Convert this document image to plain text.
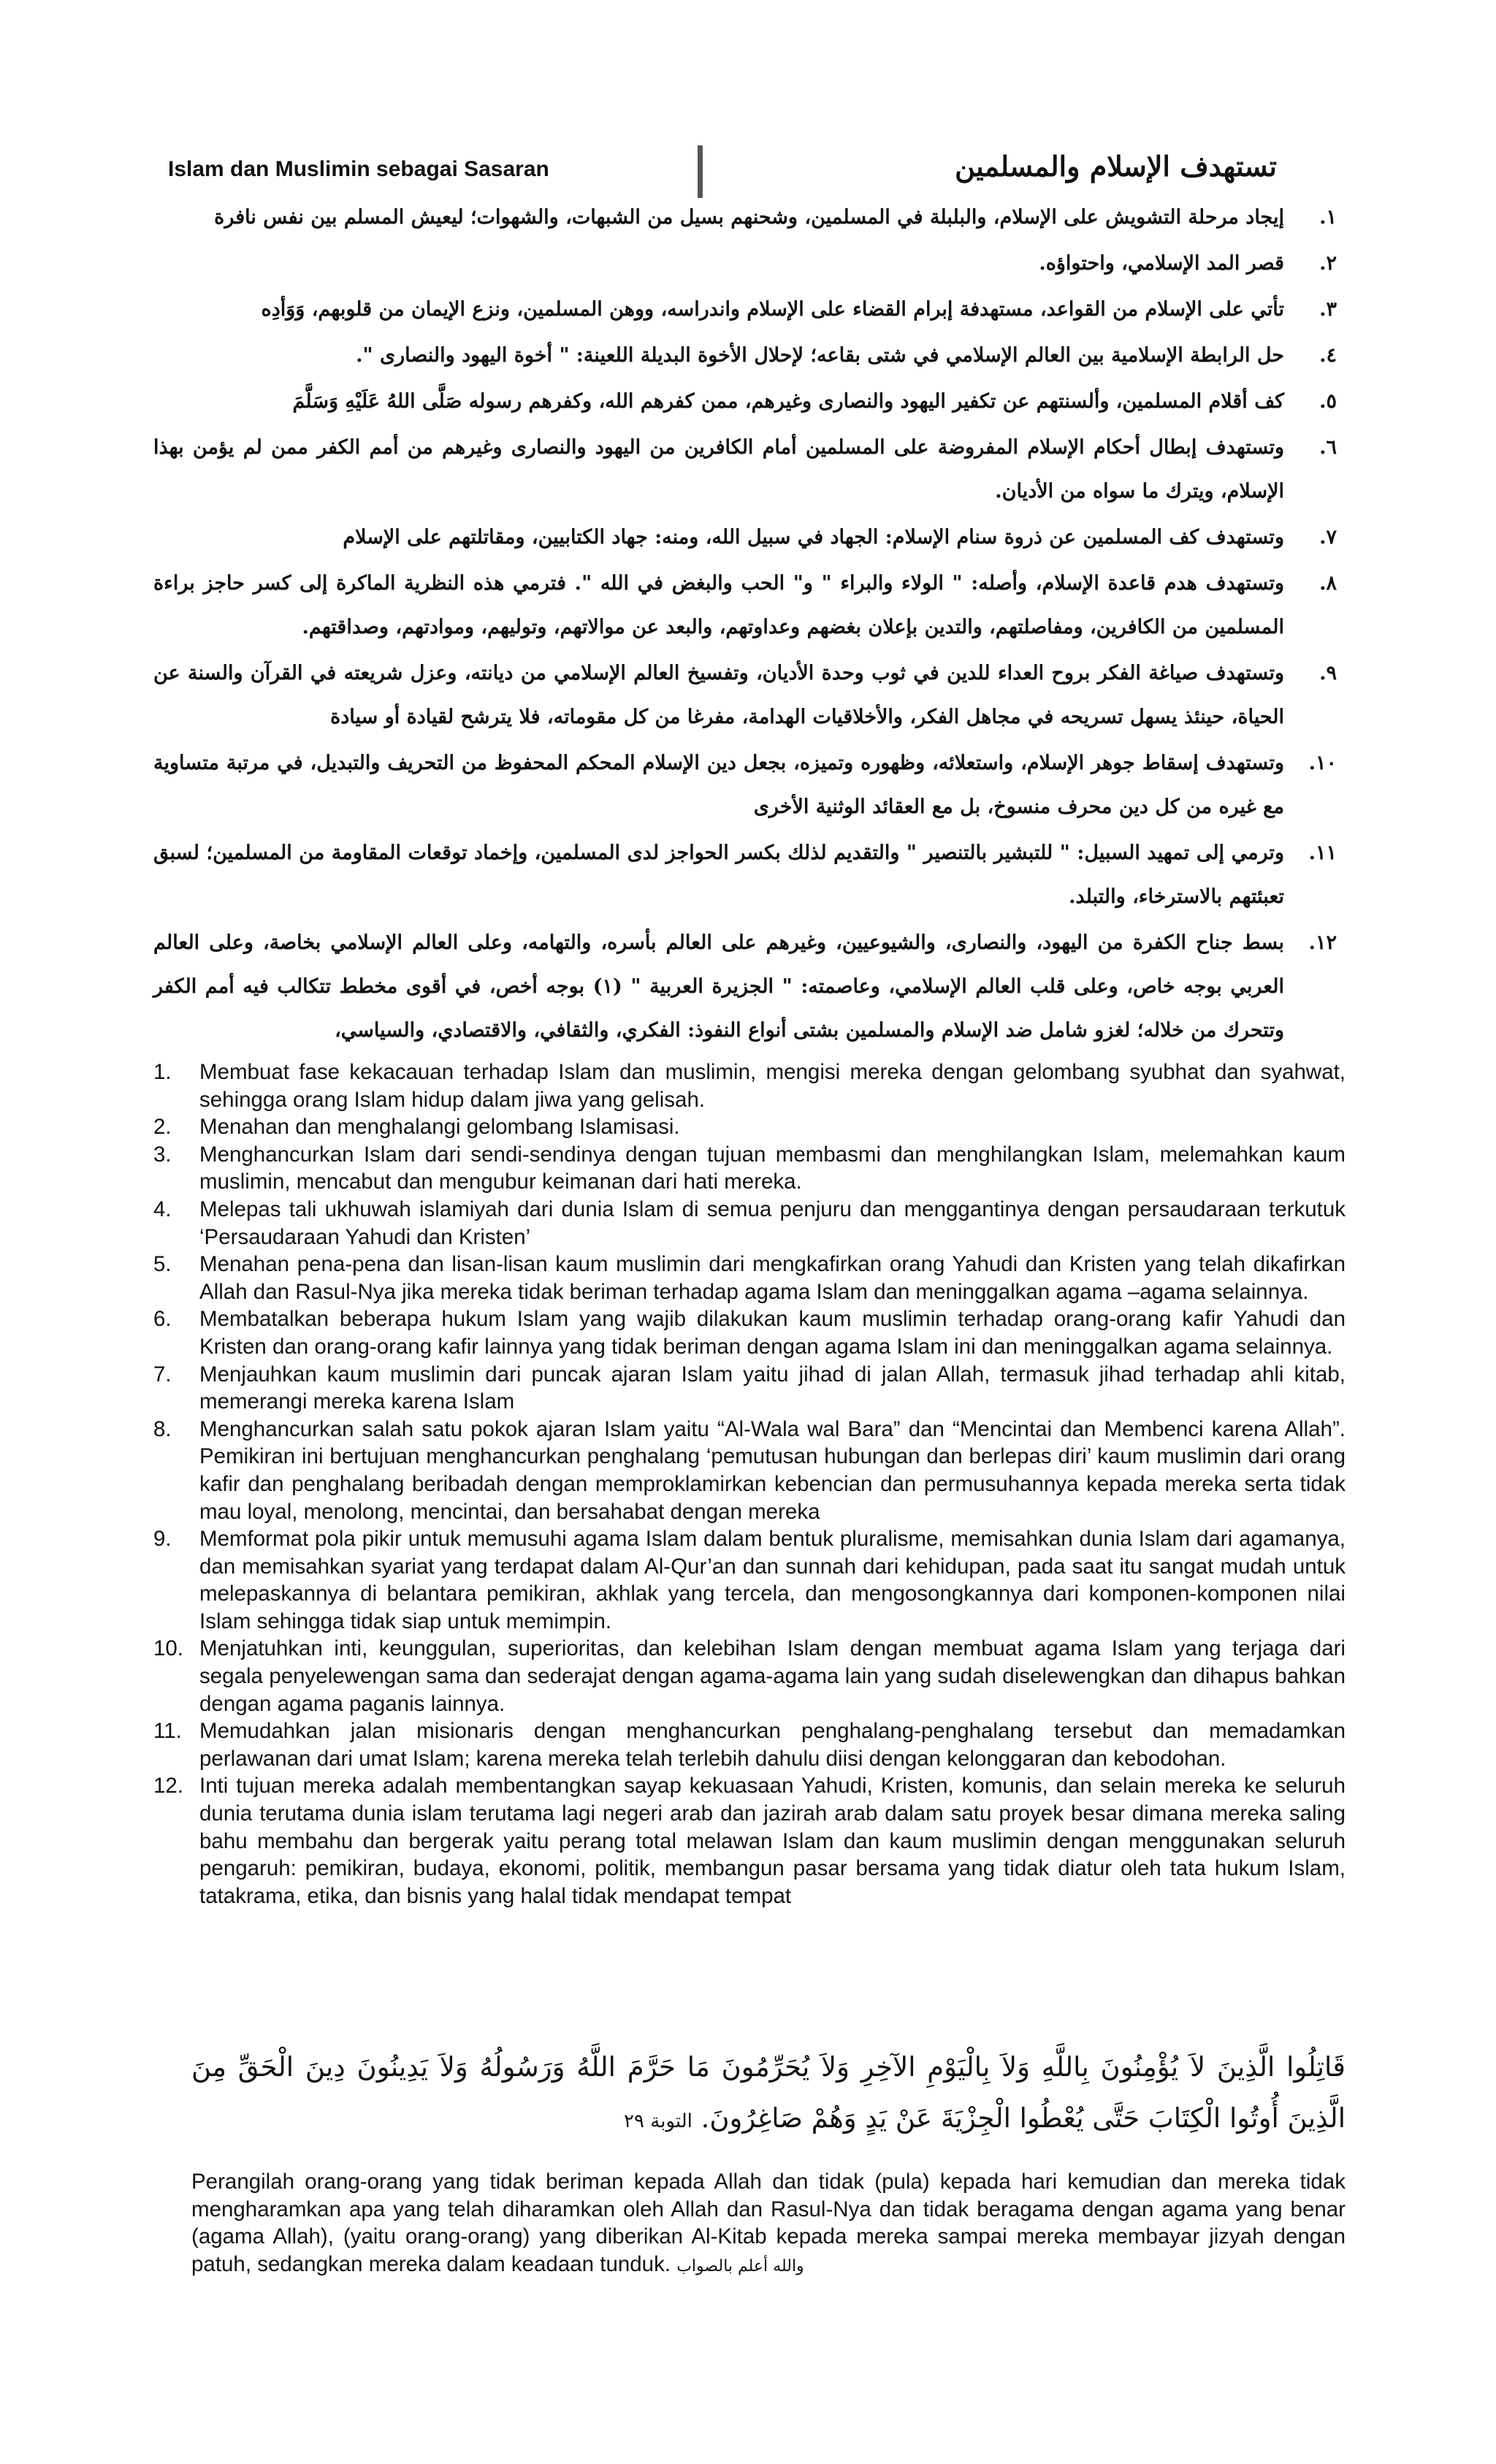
Islam dan Muslimin sebagai Sasaran	تستهدف الإسلام والمسلمين
١.
إيجاد مرحلة التشويش على الإسلام، والبلبلة في المسلمين، وشحنهم بسيل من الشبهات، والشهوات؛ ليعيش المسلم بين نفس نافرة
٢.
قصر المد الإسلامي، واحتواؤه.
٣.
تأتي على الإسلام من القواعد، مستهدفة إبرام القضاء على الإسلام واندراسه، ووهن المسلمين، ونزع الإيمان من قلوبهم، وَوَأدِه
٤.
حل الرابطة الإسلامية بين العالم الإسلامي في شتى بقاعه؛ لإحلال الأخوة البديلة اللعينة: " أخوة اليهود والنصارى ".
٥.
كف أقلام المسلمين، وألسنتهم عن تكفير اليهود والنصارى وغيرهم، ممن كفرهم الله، وكفرهم رسوله صَلَّى اللهُ عَلَيْهِ وَسَلَّمَ
٦.
وتستهدف إبطال أحكام الإسلام المفروضة على المسلمين أمام الكافرين من اليهود والنصارى وغيرهم من أمم الكفر ممن لم يؤمن بهذا الإسلام، ويترك ما سواه من الأديان.
٧.
وتستهدف كف المسلمين عن ذروة سنام الإسلام: الجهاد في سبيل الله، ومنه: جهاد الكتابيين، ومقاتلتهم على الإسلام
٨.
وتستهدف هدم قاعدة الإسلام، وأصله: " الولاء والبراء " و" الحب والبغض في الله ". فترمي هذه النظرية الماكرة إلى كسر حاجز براءة المسلمين من الكافرين، ومفاصلتهم، والتدين بإعلان بغضهم وعداوتهم، والبعد عن موالاتهم، وتوليهم، وموادتهم، وصداقتهم.
٩.
وتستهدف صياغة الفكر بروح العداء للدين في ثوب وحدة الأديان، وتفسيخ العالم الإسلامي من ديانته، وعزل شريعته في القرآن والسنة عن الحياة، حينئذ يسهل تسريحه في مجاهل الفكر، والأخلاقيات الهدامة، مفرغا من كل مقوماته، فلا يترشح لقيادة أو سيادة
١٠.
وتستهدف إسقاط جوهر الإسلام، واستعلائه، وظهوره وتميزه، بجعل دين الإسلام المحكم المحفوظ من التحريف والتبديل، في مرتبة متساوية مع غيره من كل دين محرف منسوخ، بل مع العقائد الوثنية الأخرى
١١.
وترمي إلى تمهيد السبيل: " للتبشير بالتنصير " والتقديم لذلك بكسر الحواجز لدى المسلمين، وإخماد توقعات المقاومة من المسلمين؛ لسبق تعبئتهم بالاسترخاء، والتبلد.
١٢.
بسط جناح الكفرة من اليهود، والنصارى، والشيوعيين، وغيرهم على العالم بأسره، والتهامه، وعلى العالم الإسلامي بخاصة، وعلى العالم العربي بوجه خاص، وعلى قلب العالم الإسلامي، وعاصمته: " الجزيرة العربية " (١) بوجه أخص، في أقوى مخطط تتكالب فيه أمم الكفر وتتحرك من خلاله؛ لغزو شامل ضد الإسلام والمسلمين بشتى أنواع النفوذ: الفكري، والثقافي، والاقتصادي، والسياسي،
1.	Membuat fase kekacauan terhadap Islam dan muslimin, mengisi mereka dengan gelombang syubhat dan syahwat, sehingga orang Islam hidup dalam jiwa yang gelisah.
2.	Menahan dan menghalangi gelombang Islamisasi.
3.	Menghancurkan Islam dari sendi-sendinya dengan tujuan membasmi dan menghilangkan Islam, melemahkan kaum muslimin, mencabut dan mengubur keimanan dari hati mereka.
4.	Melepas tali ukhuwah islamiyah dari dunia Islam di semua penjuru dan menggantinya dengan persaudaraan terkutuk ‘Persaudaraan Yahudi dan Kristen’
5.	Menahan pena-pena dan lisan-lisan kaum muslimin dari mengkafirkan orang Yahudi dan Kristen yang telah dikafirkan Allah dan Rasul-Nya jika mereka tidak beriman terhadap agama Islam dan meninggalkan agama –agama selainnya.
6.	Membatalkan beberapa hukum Islam yang wajib dilakukan kaum muslimin terhadap orang-orang kafir Yahudi dan Kristen dan orang-orang kafir lainnya yang tidak beriman dengan agama Islam ini dan meninggalkan agama selainnya.
7.	Menjauhkan kaum muslimin dari puncak ajaran Islam yaitu jihad di jalan Allah, termasuk jihad terhadap ahli kitab, memerangi mereka karena Islam
8.	Menghancurkan salah satu pokok ajaran Islam yaitu “Al-Wala wal Bara” dan “Mencintai dan Membenci karena Allah”. Pemikiran ini bertujuan menghancurkan penghalang ‘pemutusan hubungan dan berlepas diri’ kaum muslimin dari orang kafir dan penghalang beribadah dengan memproklamirkan kebencian dan permusuhannya kepada mereka serta tidak mau loyal, menolong, mencintai, dan bersahabat dengan mereka
9.	Memformat pola pikir untuk memusuhi agama Islam dalam bentuk pluralisme, memisahkan dunia Islam dari agamanya, dan memisahkan syariat yang terdapat dalam Al-Qur’an dan sunnah dari kehidupan, pada saat itu sangat mudah untuk melepaskannya di belantara pemikiran, akhlak yang tercela, dan mengosongkannya dari komponen-komponen nilai Islam sehingga tidak siap untuk memimpin.
10. Menjatuhkan inti, keunggulan, superioritas, dan kelebihan Islam dengan membuat agama Islam yang terjaga dari segala penyelewengan sama dan sederajat dengan agama-agama lain yang sudah diselewengkan dan dihapus bahkan dengan agama paganis lainnya.
11. Memudahkan jalan misionaris dengan menghancurkan penghalang-penghalang tersebut dan memadamkan perlawanan dari umat Islam; karena mereka telah terlebih dahulu diisi dengan kelonggaran dan kebodohan.
12. Inti tujuan mereka adalah membentangkan sayap kekuasaan Yahudi, Kristen, komunis, dan selain mereka ke seluruh dunia terutama dunia islam terutama lagi negeri arab dan jazirah arab dalam satu proyek besar dimana mereka saling bahu membahu dan bergerak yaitu perang total melawan Islam dan kaum muslimin dengan menggunakan seluruh pengaruh: pemikiran, budaya, ekonomi, politik, membangun pasar bersama yang tidak diatur oleh tata hukum Islam, tatakrama, etika, dan bisnis yang halal tidak mendapat tempat
قَاتِلُوا الَّذِينَ لاَ يُؤْمِنُونَ بِاللَّهِ وَلاَ بِالْيَوْمِ الآخِرِ وَلاَ يُحَرِّمُونَ مَا حَرَّمَ اللَّهُ وَرَسُولُهُ وَلاَ يَدِينُونَ دِينَ الْحَقِّ مِنَ الَّذِينَ أُوتُوا الْكِتَابَ حَتَّى يُعْطُوا الْجِزْيَةَ عَنْ يَدٍ وَهُمْ صَاغِرُونَ. التوبة ٢٩
Perangilah orang-orang yang tidak beriman kepada Allah dan tidak (pula) kepada hari kemudian dan mereka tidak mengharamkan apa yang telah diharamkan oleh Allah dan Rasul-Nya dan tidak beragama dengan agama yang benar (agama Allah), (yaitu orang-orang) yang diberikan Al-Kitab kepada mereka sampai mereka membayar jizyah dengan patuh, sedangkan mereka dalam keadaan tunduk. والله أعلم بالصواب
